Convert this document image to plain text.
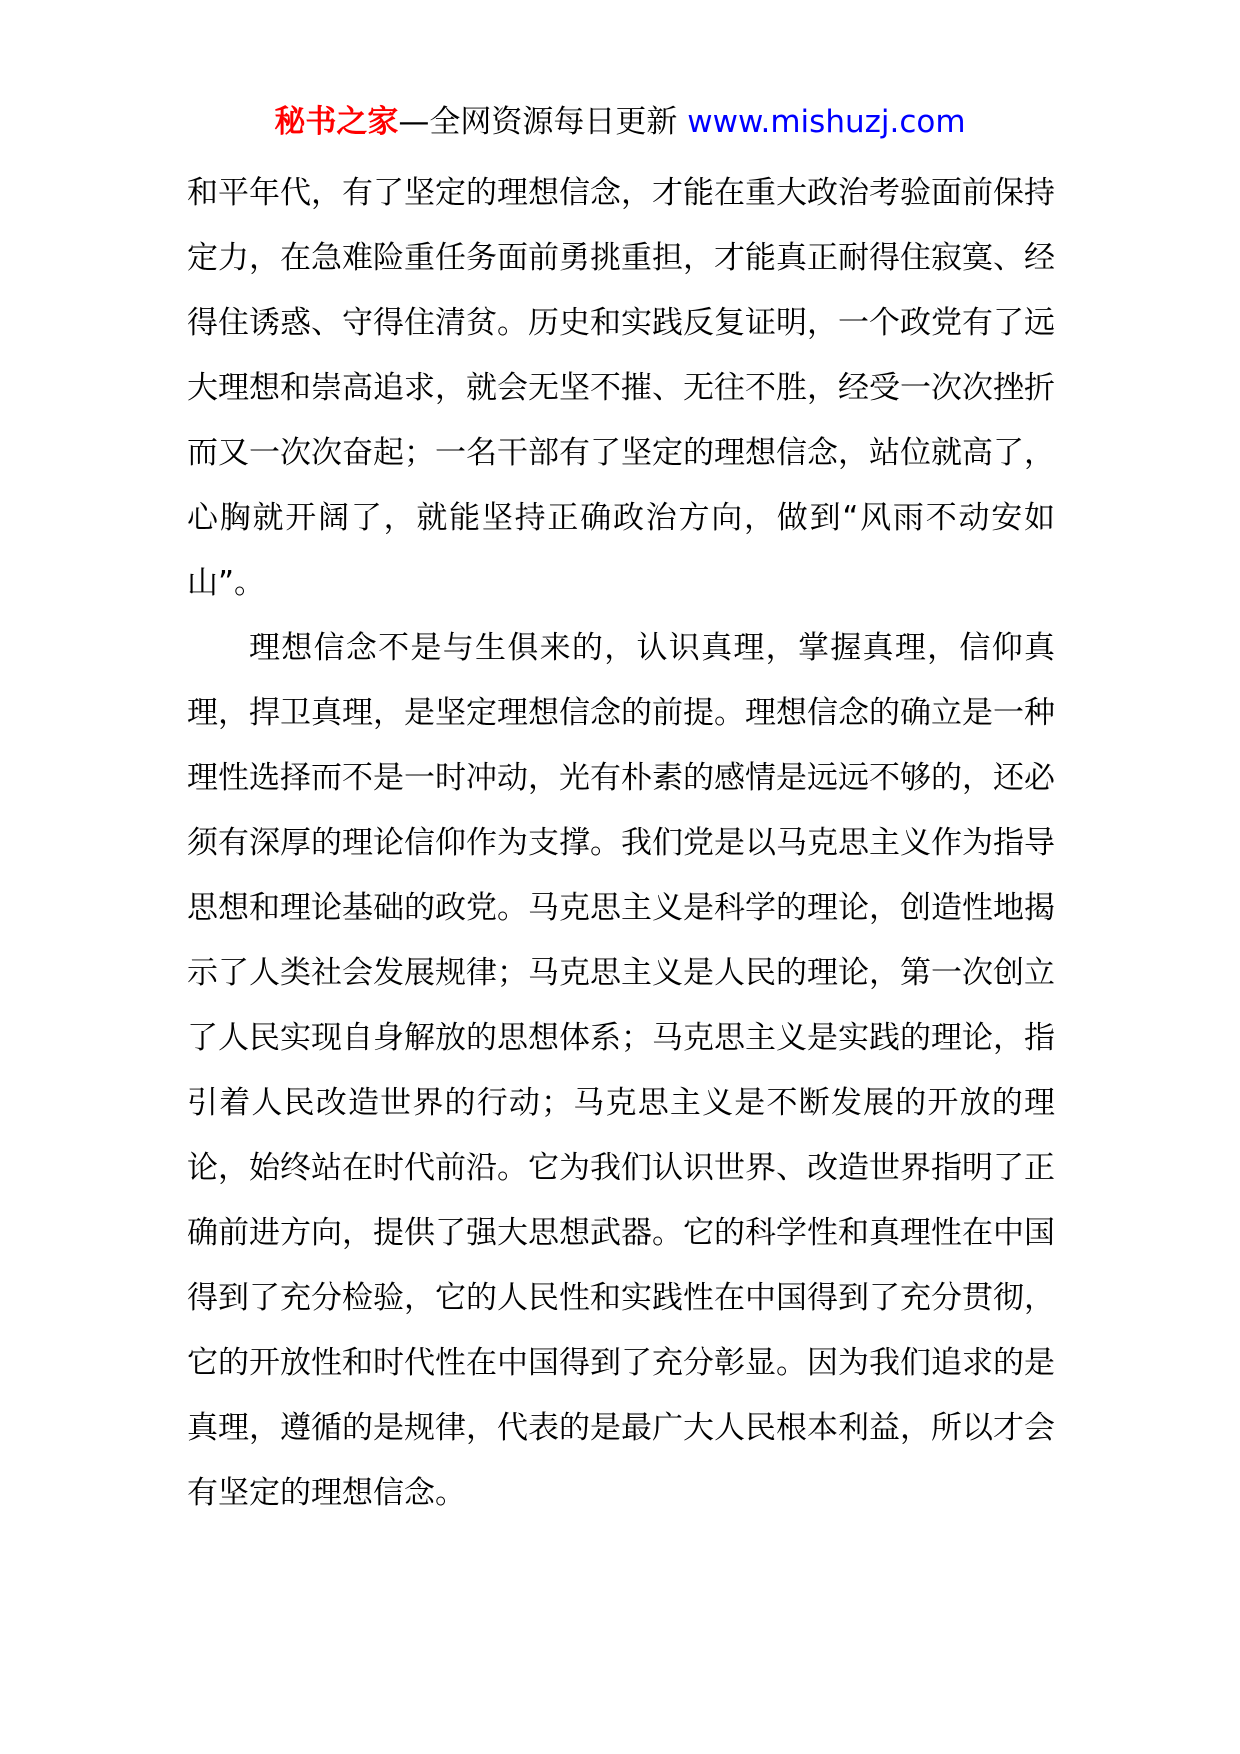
秘书之家—全网资源每日更新 www.mishuzj.com

和平年代，有了坚定的理想信念，才能在重大政治考验面前保持定力，在急难险重任务面前勇挑重担，才能真正耐得住寂寞、经得住诱惑、守得住清贫。历史和实践反复证明，一个政党有了远大理想和崇高追求，就会无坚不摧、无往不胜，经受一次次挫折而又一次次奋起；一名干部有了坚定的理想信念，站位就高了，心胸就开阔了，就能坚持正确政治方向，做到“风雨不动安如山”。

理想信念不是与生俱来的，认识真理，掌握真理，信仰真理，捍卫真理，是坚定理想信念的前提。理想信念的确立是一种理性选择而不是一时冲动，光有朴素的感情是远远不够的，还必须有深厚的理论信仰作为支撑。我们党是以马克思主义作为指导思想和理论基础的政党。马克思主义是科学的理论，创造性地揭示了人类社会发展规律；马克思主义是人民的理论，第一次创立了人民实现自身解放的思想体系；马克思主义是实践的理论，指引着人民改造世界的行动；马克思主义是不断发展的开放的理论，始终站在时代前沿。它为我们认识世界、改造世界指明了正确前进方向，提供了强大思想武器。它的科学性和真理性在中国得到了充分检验，它的人民性和实践性在中国得到了充分贯彻，它的开放性和时代性在中国得到了充分彰显。因为我们追求的是真理，遵循的是规律，代表的是最广大人民根本利益，所以才会有坚定的理想信念。
